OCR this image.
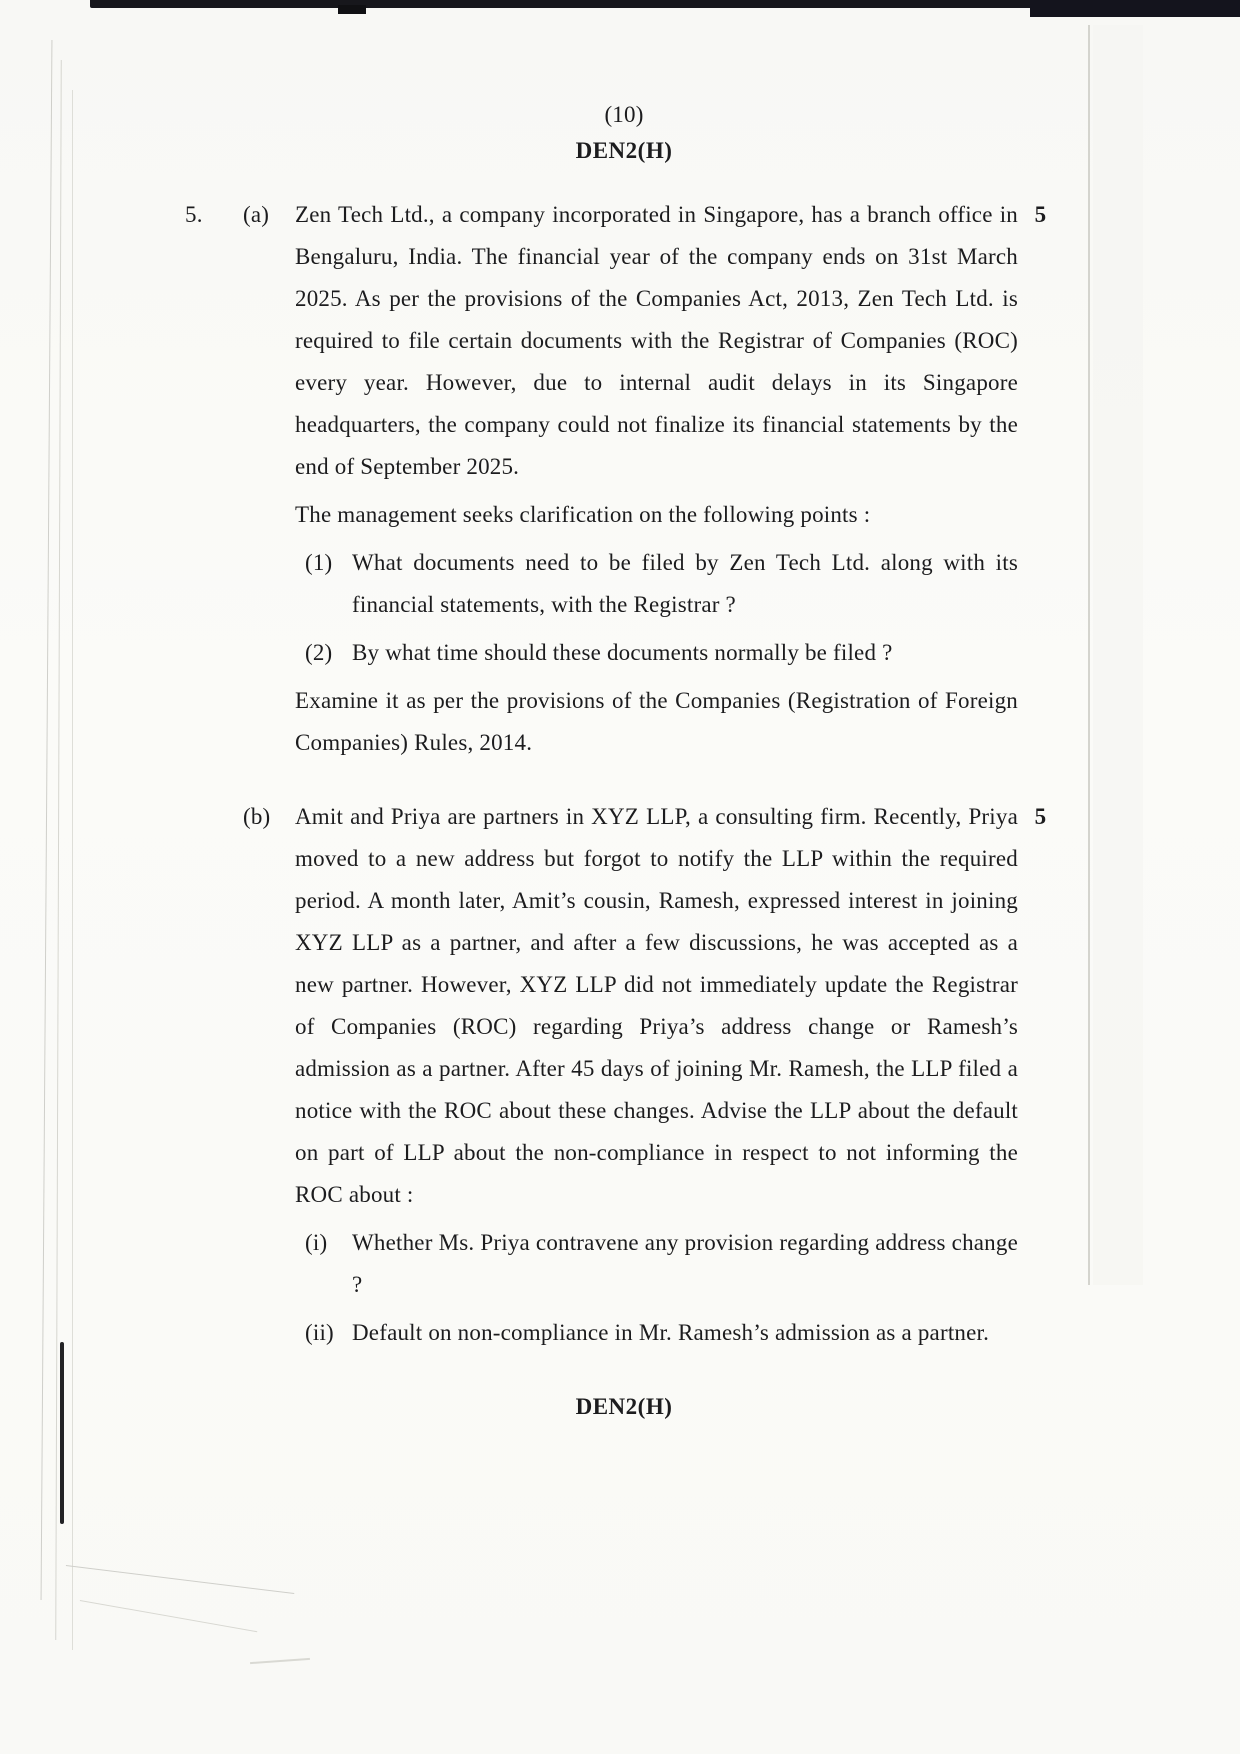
(10)
DEN2(H)
5.	(a)	Zen Tech Ltd., a company incorporated in Singapore, has a branch office in Bengaluru, India. The financial year of the company ends on 31st March 2025. As per the provisions of the Companies Act, 2013, Zen Tech Ltd. is required to file certain documents with the Registrar of Companies (ROC) every year. However, due to internal audit delays in its Singapore headquarters, the company could not finalize its financial statements by the end of September 2025.

The management seeks clarification on the following points :

(1) What documents need to be filed by Zen Tech Ltd. along with its financial statements, with the Registrar ?
(2) By what time should these documents normally be filed ?

Examine it as per the provisions of the Companies (Registration of Foreign Companies) Rules, 2014.

5
(b)	Amit and Priya are partners in XYZ LLP, a consulting firm. Recently, Priya moved to a new address but forgot to notify the LLP within the required period. A month later, Amit’s cousin, Ramesh, expressed interest in joining XYZ LLP as a partner, and after a few discussions, he was accepted as a new partner. However, XYZ LLP did not immediately update the Registrar of Companies (ROC) regarding Priya’s address change or Ramesh’s admission as a partner. After 45 days of joining Mr. Ramesh, the LLP filed a notice with the ROC about these changes. Advise the LLP about the default on part of LLP about the non-compliance in respect to not informing the ROC about :

(i)	Whether Ms. Priya contravene any provision regarding address change ?
(ii) Default on non-compliance in Mr. Ramesh’s admission as a partner.
5
DEN2(H)
